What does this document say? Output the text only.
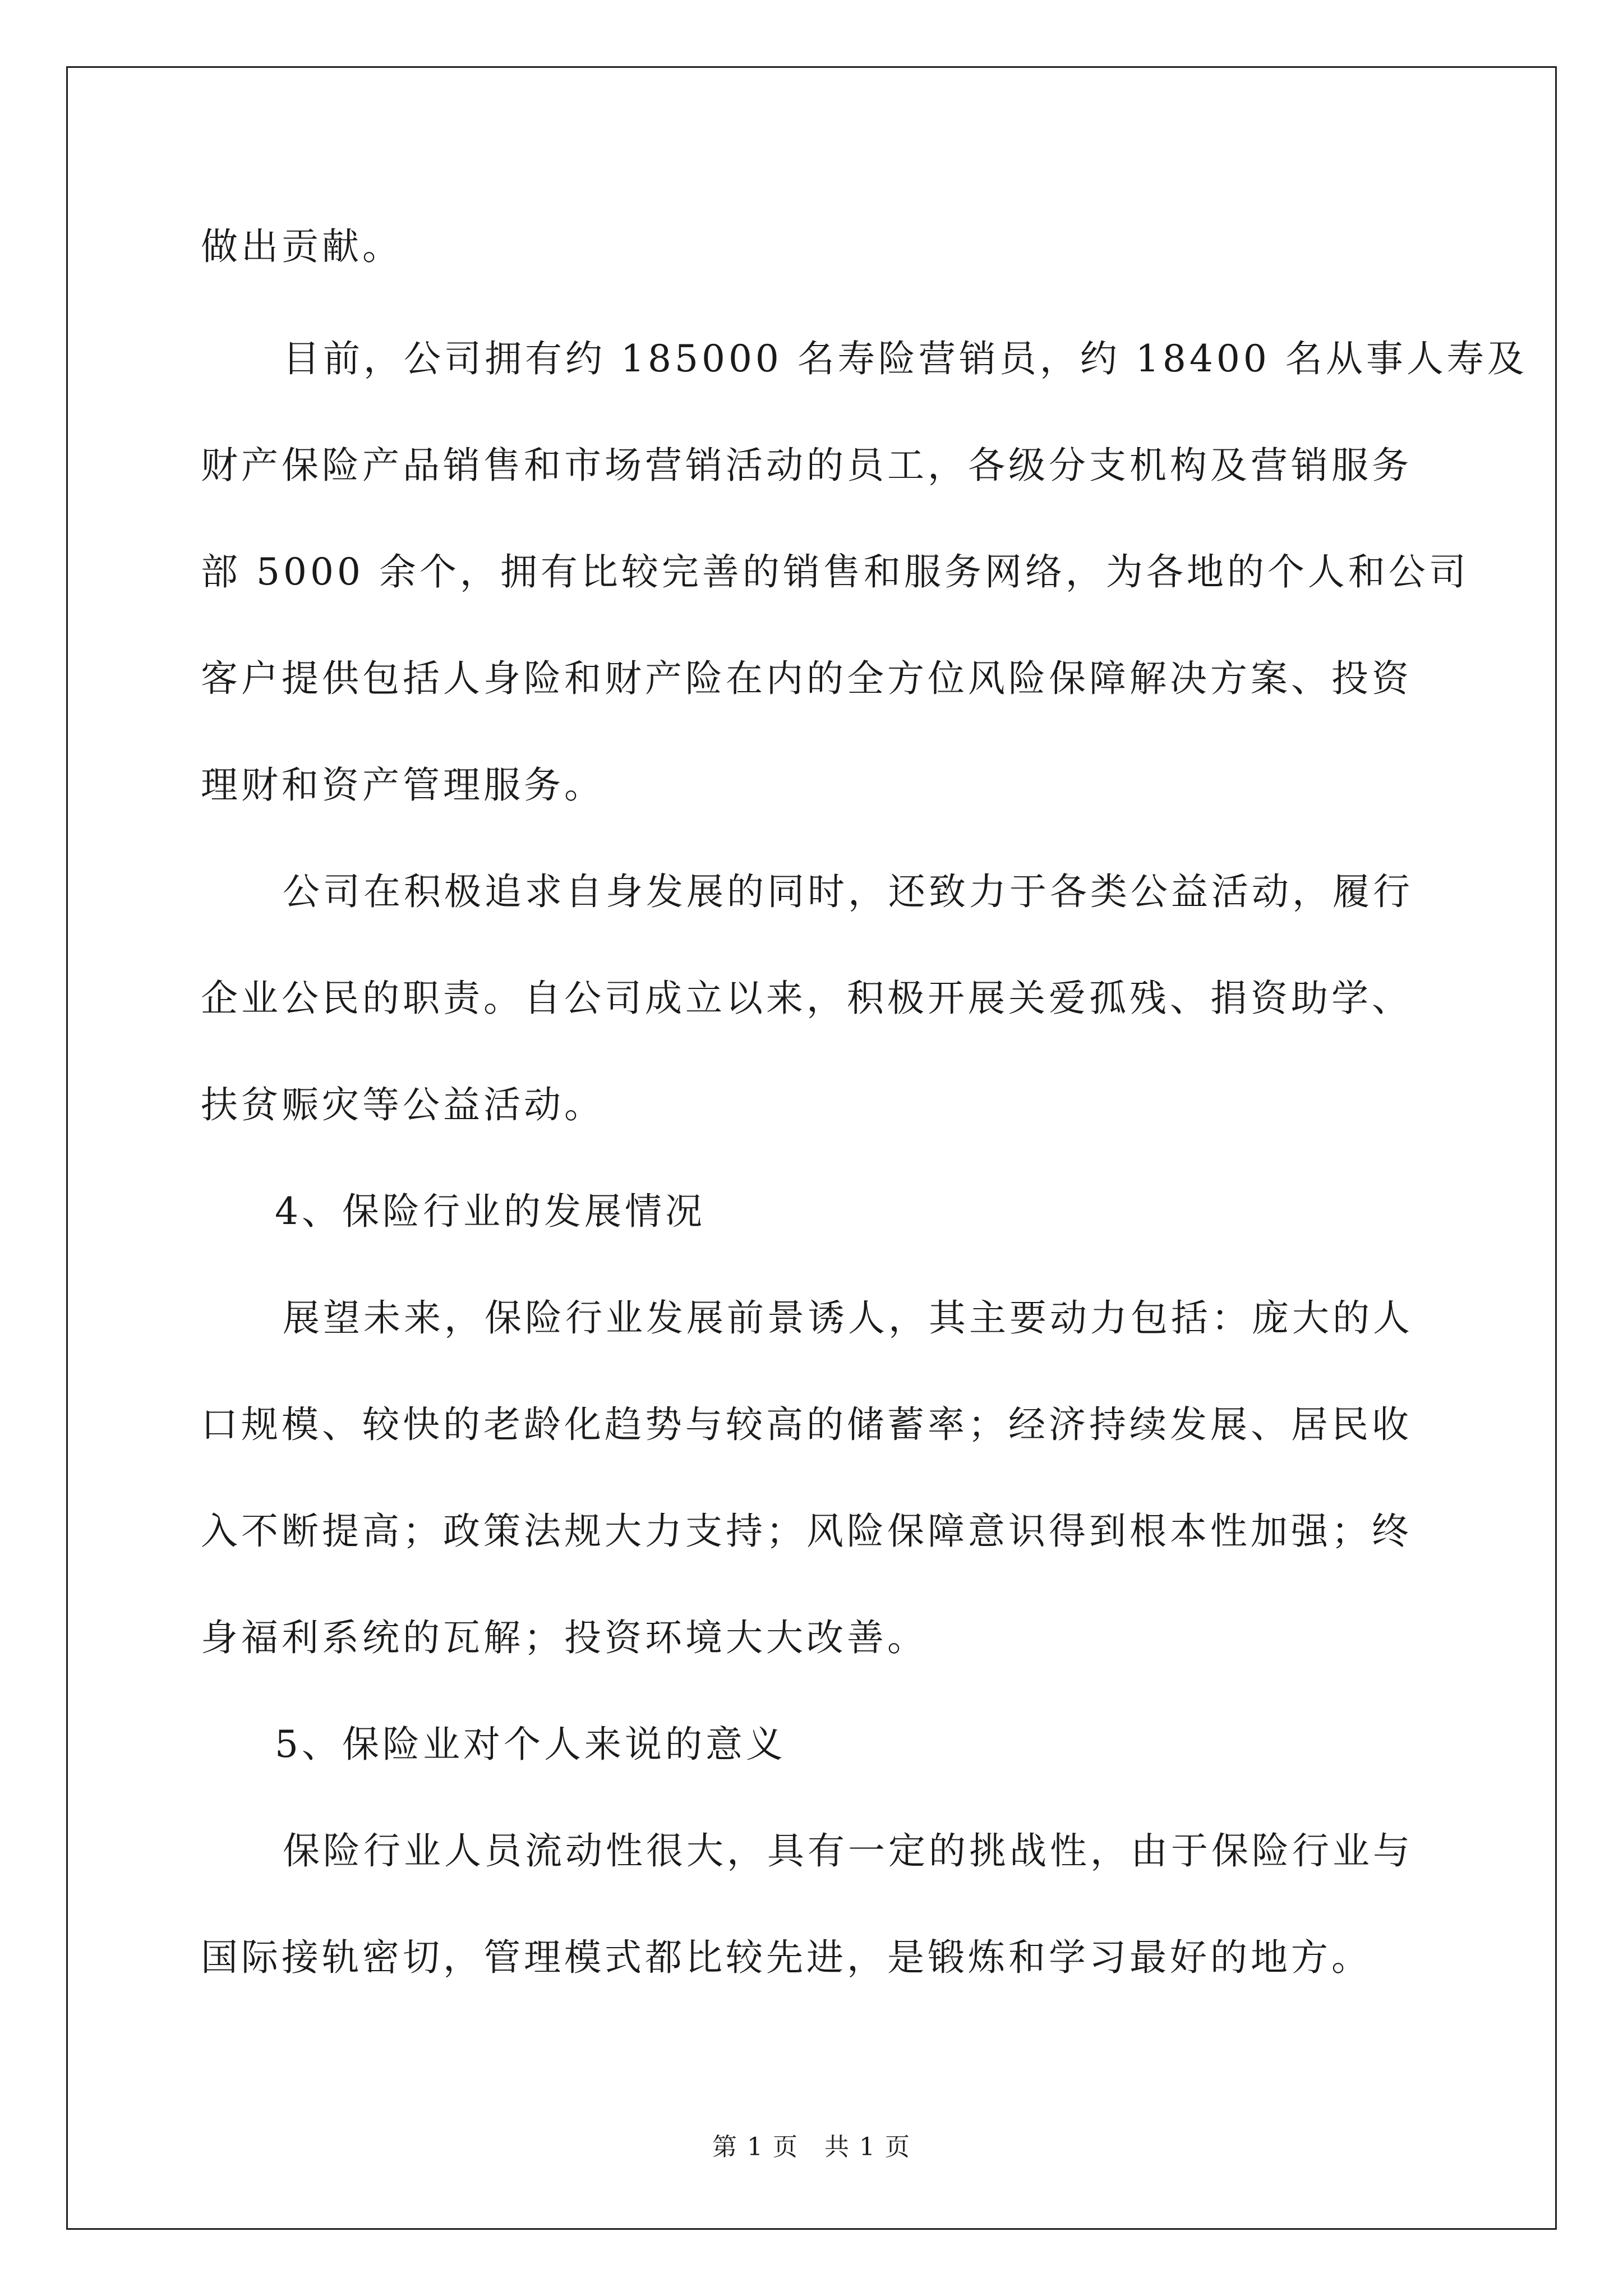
做出贡献。
目前，公司拥有约 185000 名寿险营销员，约 18400 名从事人寿及
财产保险产品销售和市场营销活动的员工，各级分支机构及营销服务
部 5000 余个，拥有比较完善的销售和服务网络，为各地的个人和公司
客户提供包括人身险和财产险在内的全方位风险保障解决方案、投资
理财和资产管理服务。
公司在积极追求自身发展的同时，还致力于各类公益活动，履行
企业公民的职责。自公司成立以来，积极开展关爱孤残、捐资助学、
扶贫赈灾等公益活动。
4、保险行业的发展情况
展望未来，保险行业发展前景诱人，其主要动力包括：庞大的人
口规模、较快的老龄化趋势与较高的储蓄率；经济持续发展、居民收
入不断提高；政策法规大力支持；风险保障意识得到根本性加强；终
身福利系统的瓦解；投资环境大大改善。
5、保险业对个人来说的意义
保险行业人员流动性很大，具有一定的挑战性，由于保险行业与
国际接轨密切，管理模式都比较先进，是锻炼和学习最好的地方。
第 1 页　共 1 页
